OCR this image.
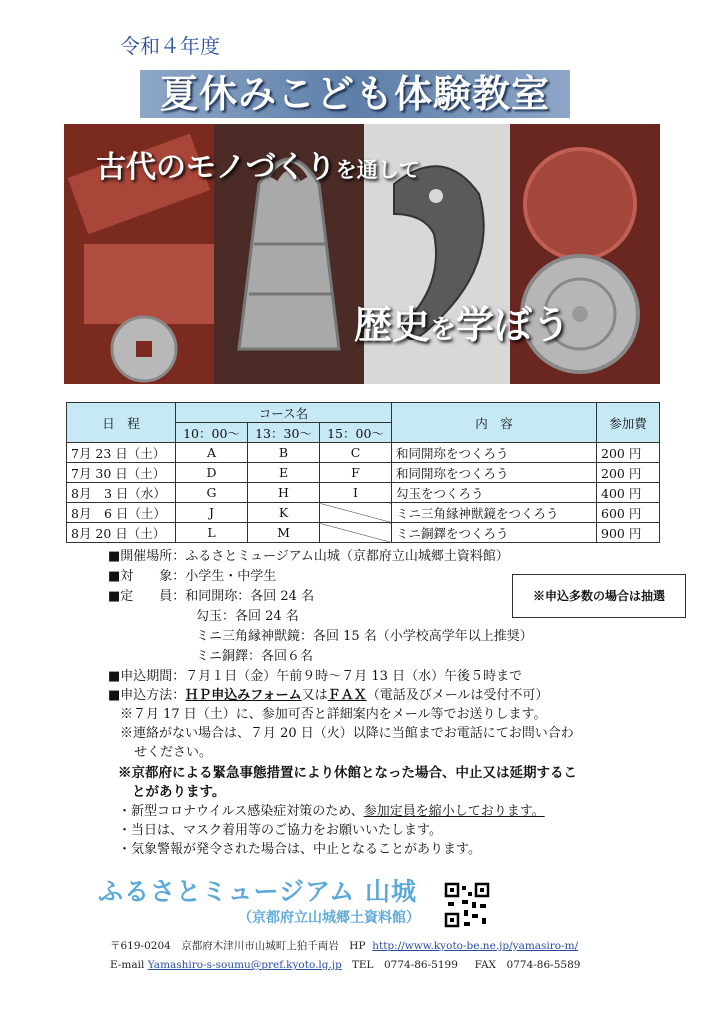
令和４年度
夏休みこども体験教室
古代のモノづくりを通して
歴史を学ぼう
日　程	コース名			内　容	参加費
	10：00〜	13：30〜	15：00〜		
7月 23 日（土）	A	B	C	和同開珎をつくろう	200 円
7月 30 日（土）	D	E	F	和同開珎をつくろう	200 円
8月　3 日（水）	G	H	I	勾玉をつくろう	400 円
8月　6 日（土）	J	K		ミニ三角縁神獣鏡をつくろう	600 円
8月 20 日（土）	L	M		ミニ銅鐸をつくろう	900 円
■開催場所：ふるさとミュージアム山城（京都府立山城郷土資料館）
■対　　象：小学生・中学生
■定　　員：和同開珎：各回 24 名
勾玉：各回 24 名
ミニ三角縁神獣鏡：各回 15 名（小学校高学年以上推奨）
ミニ銅鐸：各回６名
■申込期間：７月１日（金）午前９時〜７月 13 日（水）午後５時まで
■申込方法：ＨＰ申込みフォーム又はＦＡＸ（電話及びメールは受付不可）
※７月 17 日（土）に、参加可否と詳細案内をメール等でお送りします。
※連絡がない場合は、７月 20 日（火）以降に当館までお電話にてお問い合わ
せください。
※京都府による緊急事態措置により休館となった場合、中止又は延期するこ
とがあります。
・新型コロナウイルス感染症対策のため、参加定員を縮小しております。
・当日は、マスク着用等のご協力をお願いいたします。
・気象警報が発令された場合は、中止となることがあります。
※申込多数の場合は抽選
ふるさとミュージアム 山城
（京都府立山城郷土資料館）
〒619-0204　京都府木津川市山城町上狛千両岩　HP http://www.kyoto-be.ne.jp/yamasiro-m/
E-mail Yamashiro-s-soumu@pref.kyoto.lg.jp TEL　0774-86-5199 FAX　0774-86-5589
